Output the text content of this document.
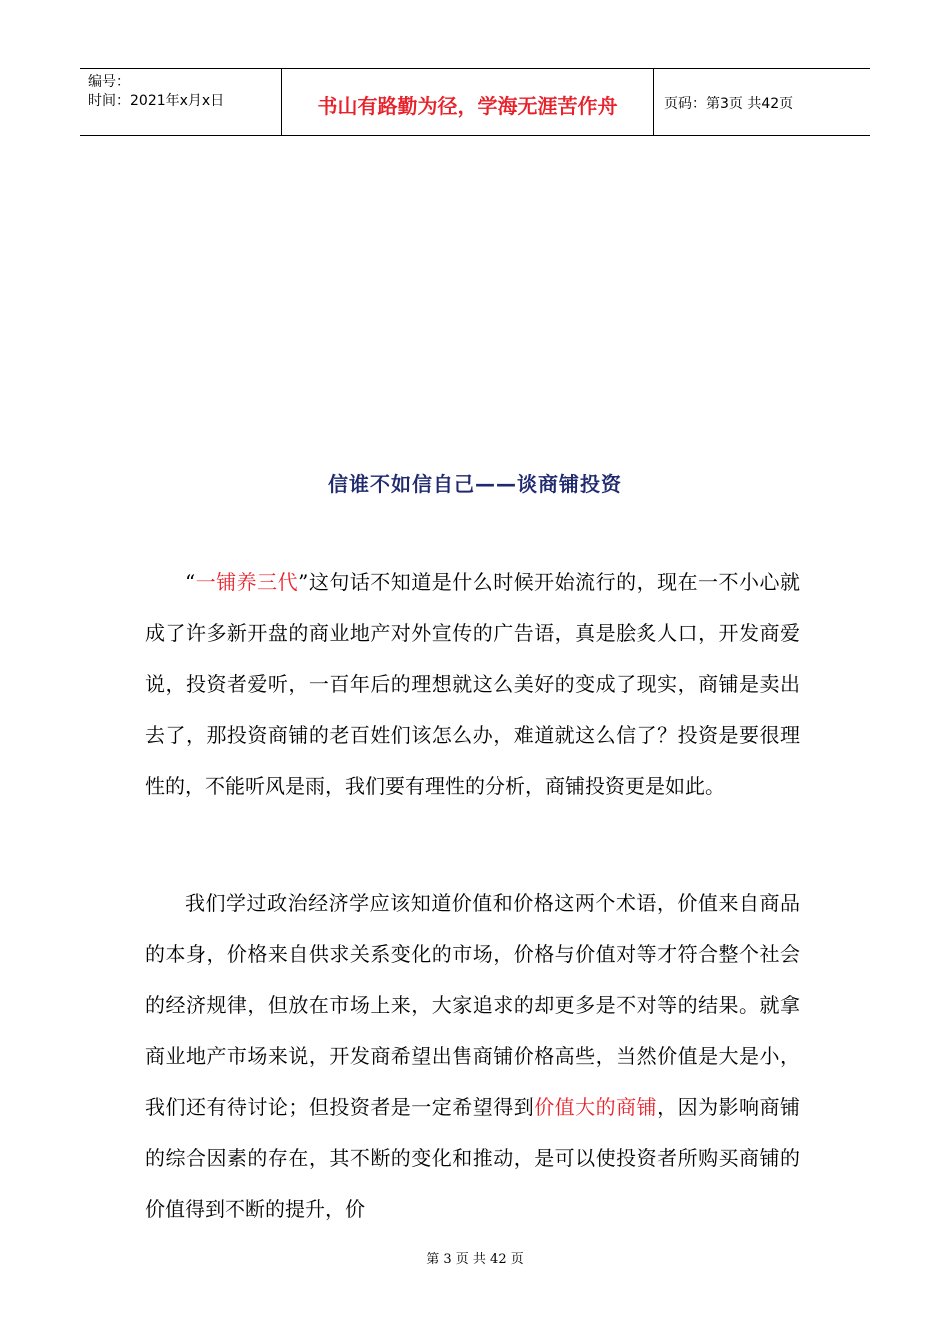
编号：
时间：2021年x月x日	书山有路勤为径，学海无涯苦作舟	页码：第3页 共42页
信谁不如信自己——谈商铺投资

“一铺养三代”这句话不知道是什么时候开始流行的，现在一不小心就成了许多新开盘的商业地产对外宣传的广告语，真是脍炙人口，开发商爱说，投资者爱听，一百年后的理想就这么美好的变成了现实，商铺是卖出去了，那投资商铺的老百姓们该怎么办，难道就这么信了？投资是要很理性的，不能听风是雨，我们要有理性的分析，商铺投资更是如此。

我们学过政治经济学应该知道价值和价格这两个术语，价值来自商品的本身，价格来自供求关系变化的市场，价格与价值对等才符合整个社会的经济规律，但放在市场上来，大家追求的却更多是不对等的结果。就拿商业地产市场来说，开发商希望出售商铺价格高些，当然价值是大是小，我们还有待讨论；但投资者是一定希望得到价值大的商铺，因为影响商铺的综合因素的存在，其不断的变化和推动，是可以使投资者所购买商铺的价值得到不断的提升，价

第 3 页 共 42 页
